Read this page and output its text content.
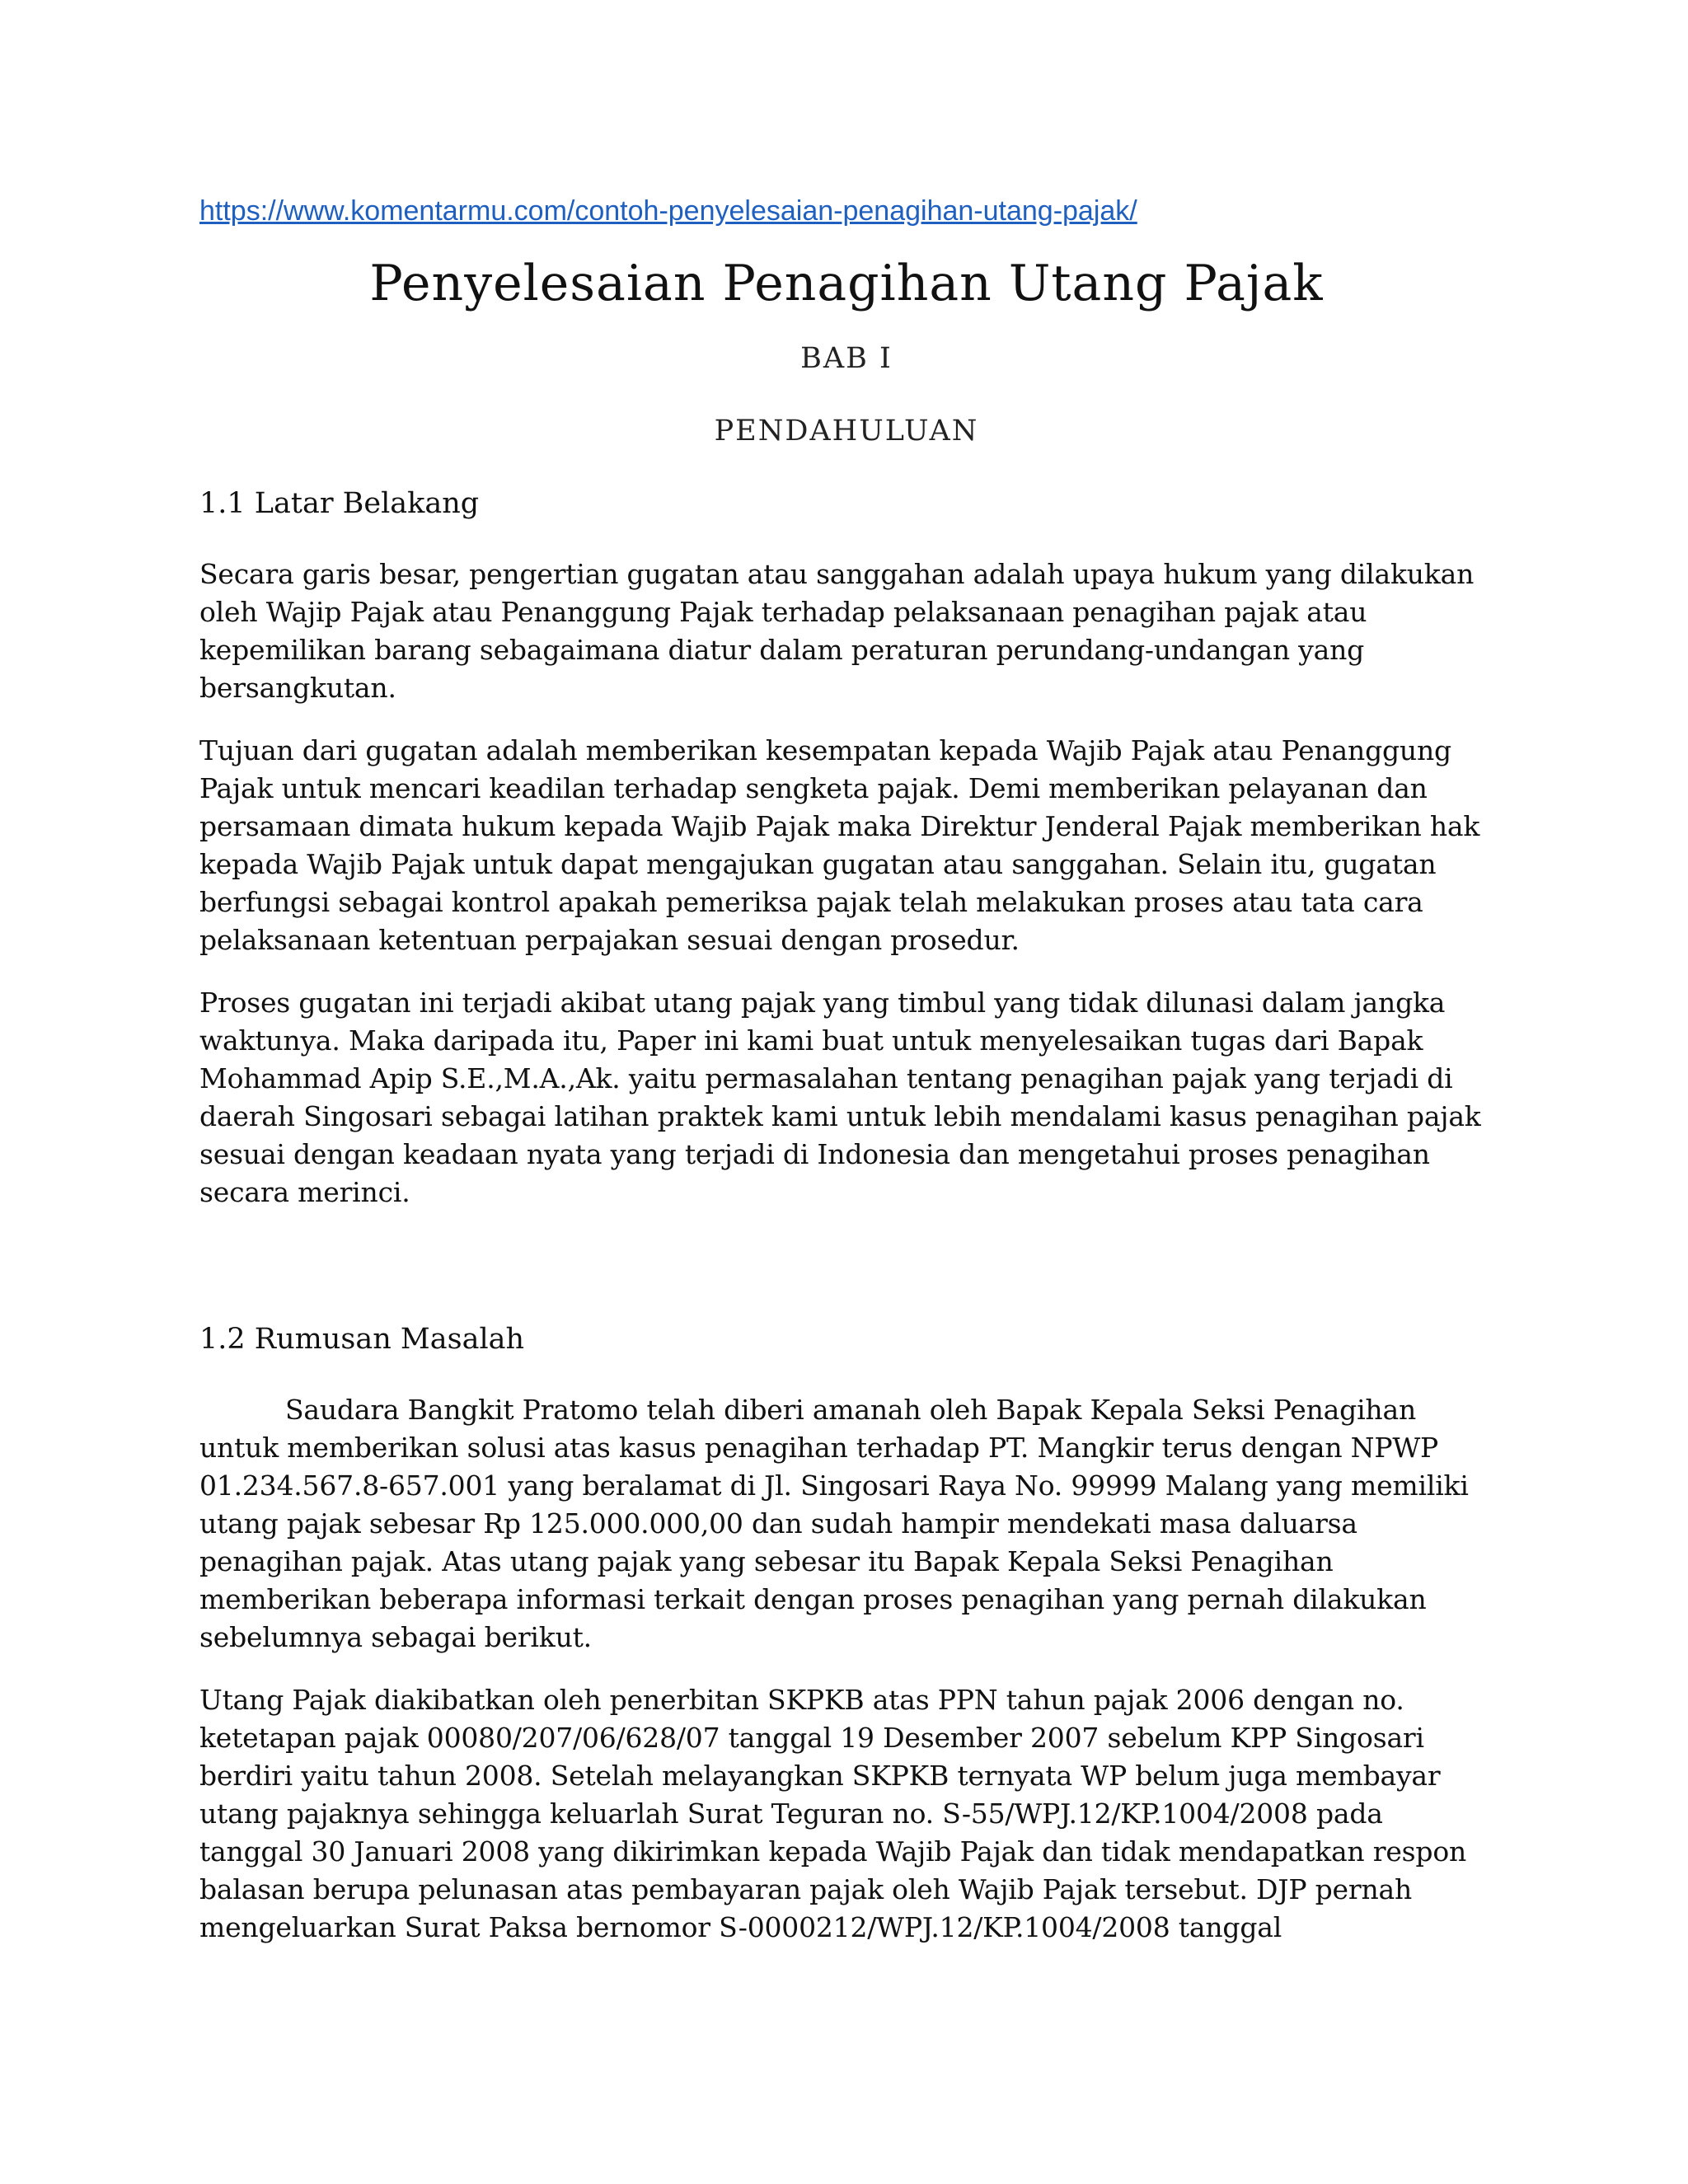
https://www.komentarmu.com/contoh-penyelesaian-penagihan-utang-pajak/
Penyelesaian Penagihan Utang Pajak
BAB I
PENDAHULUAN
1.1 Latar Belakang

Secara garis besar, pengertian gugatan atau sanggahan adalah upaya hukum yang dilakukan oleh Wajip Pajak atau Penanggung Pajak terhadap pelaksanaan penagihan pajak atau kepemilikan barang sebagaimana diatur dalam peraturan perundang-undangan yang bersangkutan.

Tujuan dari gugatan adalah memberikan kesempatan kepada Wajib Pajak atau Penanggung Pajak untuk mencari keadilan terhadap sengketa pajak. Demi memberikan pelayanan dan persamaan dimata hukum kepada Wajib Pajak maka Direktur Jenderal Pajak memberikan hak kepada Wajib Pajak untuk dapat mengajukan gugatan atau sanggahan. Selain itu, gugatan berfungsi sebagai kontrol apakah pemeriksa pajak telah melakukan proses atau tata cara pelaksanaan ketentuan perpajakan sesuai dengan prosedur.

Proses gugatan ini terjadi akibat utang pajak yang timbul yang tidak dilunasi dalam jangka waktunya. Maka daripada itu, Paper ini kami buat untuk menyelesaikan tugas dari Bapak Mohammad Apip S.E.,M.A.,Ak. yaitu permasalahan tentang penagihan pajak yang terjadi di daerah Singosari sebagai latihan praktek kami untuk lebih mendalami kasus penagihan pajak sesuai dengan keadaan nyata yang terjadi di Indonesia dan mengetahui proses penagihan secara merinci.

1.2 Rumusan Masalah

Saudara Bangkit Pratomo telah diberi amanah oleh Bapak Kepala Seksi Penagihan untuk memberikan solusi atas kasus penagihan terhadap PT. Mangkir terus dengan NPWP 01.234.567.8-657.001 yang beralamat di Jl. Singosari Raya No. 99999 Malang yang memiliki utang pajak sebesar Rp 125.000.000,00 dan sudah hampir mendekati masa daluarsa penagihan pajak. Atas utang pajak yang sebesar itu Bapak Kepala Seksi Penagihan memberikan beberapa informasi terkait dengan proses penagihan yang pernah dilakukan sebelumnya sebagai berikut.

Utang Pajak diakibatkan oleh penerbitan SKPKB atas PPN tahun pajak 2006 dengan no. ketetapan pajak 00080/207/06/628/07 tanggal 19 Desember 2007 sebelum KPP Singosari berdiri yaitu tahun 2008. Setelah melayangkan SKPKB ternyata WP belum juga membayar utang pajaknya sehingga keluarlah Surat Teguran no. S-55/WPJ.12/KP.1004/2008 pada tanggal 30 Januari 2008 yang dikirimkan kepada Wajib Pajak dan tidak mendapatkan respon balasan berupa pelunasan atas pembayaran pajak oleh Wajib Pajak tersebut. DJP pernah mengeluarkan Surat Paksa bernomor S-0000212/WPJ.12/KP.1004/2008 tanggal
